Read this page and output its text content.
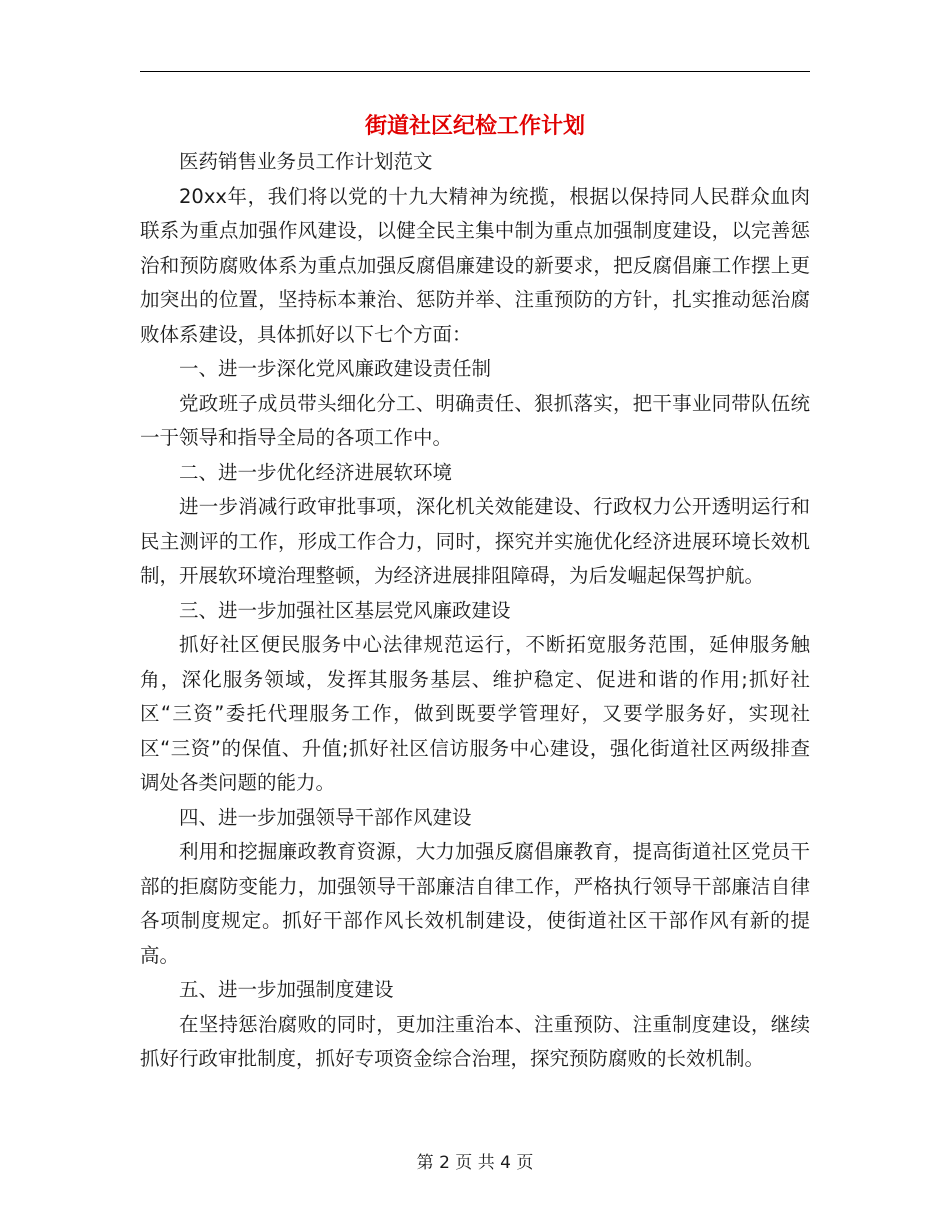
街道社区纪检工作计划

医药销售业务员工作计划范文

20xx年，我们将以党的十九大精神为统揽，根据以保持同人民群众血肉联系为重点加强作风建设，以健全民主集中制为重点加强制度建设，以完善惩治和预防腐败体系为重点加强反腐倡廉建设的新要求，把反腐倡廉工作摆上更加突出的位置，坚持标本兼治、惩防并举、注重预防的方针，扎实推动惩治腐败体系建设，具体抓好以下七个方面：

一、进一步深化党风廉政建设责任制

党政班子成员带头细化分工、明确责任、狠抓落实，把干事业同带队伍统一于领导和指导全局的各项工作中。

二、进一步优化经济进展软环境

进一步消减行政审批事项，深化机关效能建设、行政权力公开透明运行和民主测评的工作，形成工作合力，同时，探究并实施优化经济进展环境长效机制，开展软环境治理整顿，为经济进展排阻障碍，为后发崛起保驾护航。

三、进一步加强社区基层党风廉政建设

抓好社区便民服务中心法律规范运行，不断拓宽服务范围，延伸服务触角，深化服务领域，发挥其服务基层、维护稳定、促进和谐的作用;抓好社区“三资”委托代理服务工作，做到既要学管理好，又要学服务好，实现社区“三资”的保值、升值;抓好社区信访服务中心建设，强化街道社区两级排查调处各类问题的能力。

四、进一步加强领导干部作风建设

利用和挖掘廉政教育资源，大力加强反腐倡廉教育，提高街道社区党员干部的拒腐防变能力，加强领导干部廉洁自律工作，严格执行领导干部廉洁自律各项制度规定。抓好干部作风长效机制建设，使街道社区干部作风有新的提高。

五、进一步加强制度建设

在坚持惩治腐败的同时，更加注重治本、注重预防、注重制度建设，继续抓好行政审批制度，抓好专项资金综合治理，探究预防腐败的长效机制。

第 2 页 共 4 页
